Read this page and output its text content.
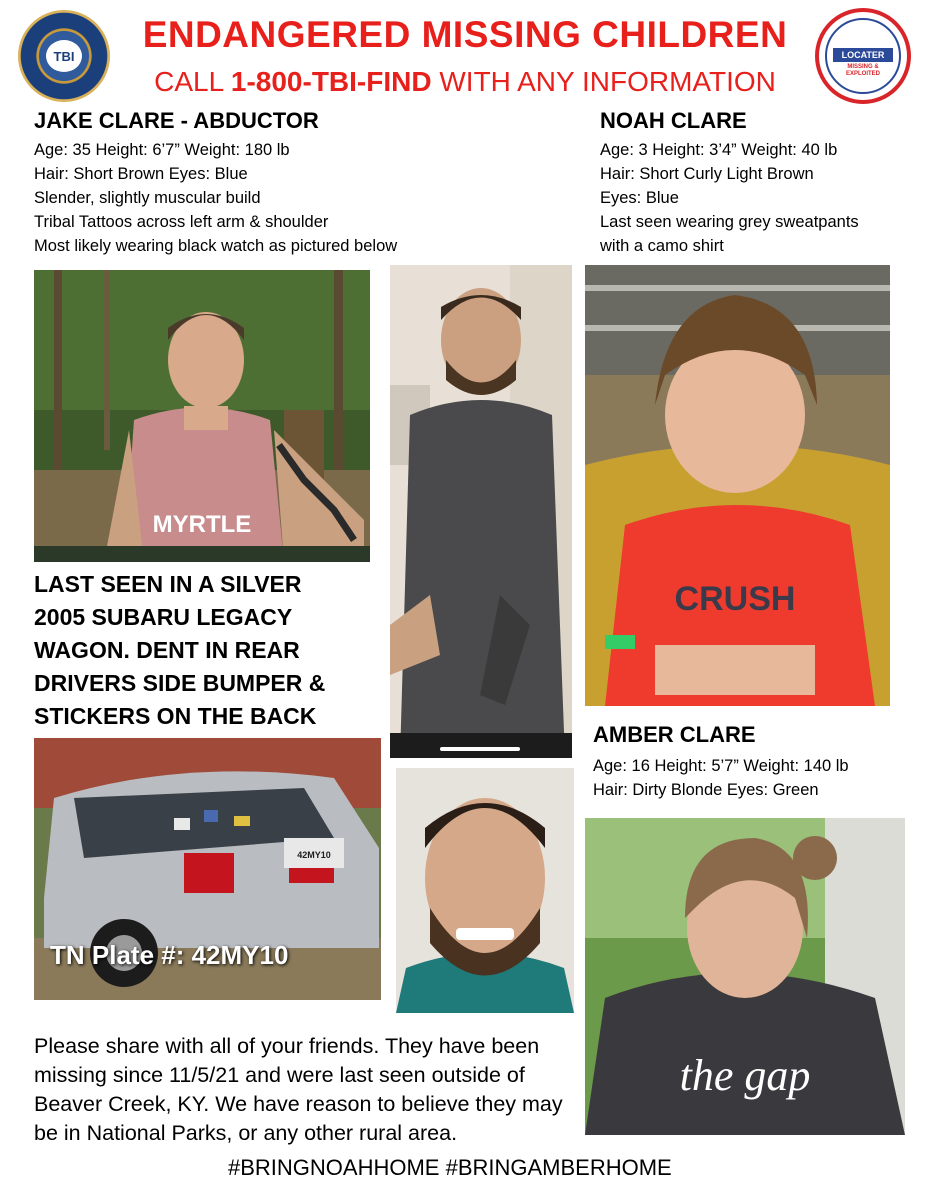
TBI	LOCATER
MISSING & EXPLOITED
ENDANGERED MISSING CHILDREN
CALL 1-800-TBI-FIND WITH ANY INFORMATION
JAKE CLARE - ABDUCTOR
Age: 35 Height: 6’7” Weight: 180 lb
Hair: Short Brown Eyes: Blue
Slender, slightly muscular build
Tribal Tattoos across left arm & shoulder
Most likely wearing black watch as pictured below
NOAH CLARE
Age: 3 Height: 3’4” Weight: 40 lb
Hair: Short Curly Light Brown
Eyes: Blue
Last seen wearing grey sweatpants
with a camo shirt
MYRTLE
CRUSH
LAST SEEN IN A SILVER
2005 SUBARU LEGACY
WAGON. DENT IN REAR
DRIVERS SIDE BUMPER &
STICKERS ON THE BACK
42MY10
TN Plate #: 42MY10
AMBER CLARE
Age: 16 Height: 5’7” Weight: 140 lb
Hair: Dirty Blonde Eyes: Green
the gap
Please share with all of your friends. They have been missing since 11/5/21 and were last seen outside of Beaver Creek, KY. We have reason to believe they may be in National Parks, or any other rural area.
#BRINGNOAHHOME #BRINGAMBERHOME
